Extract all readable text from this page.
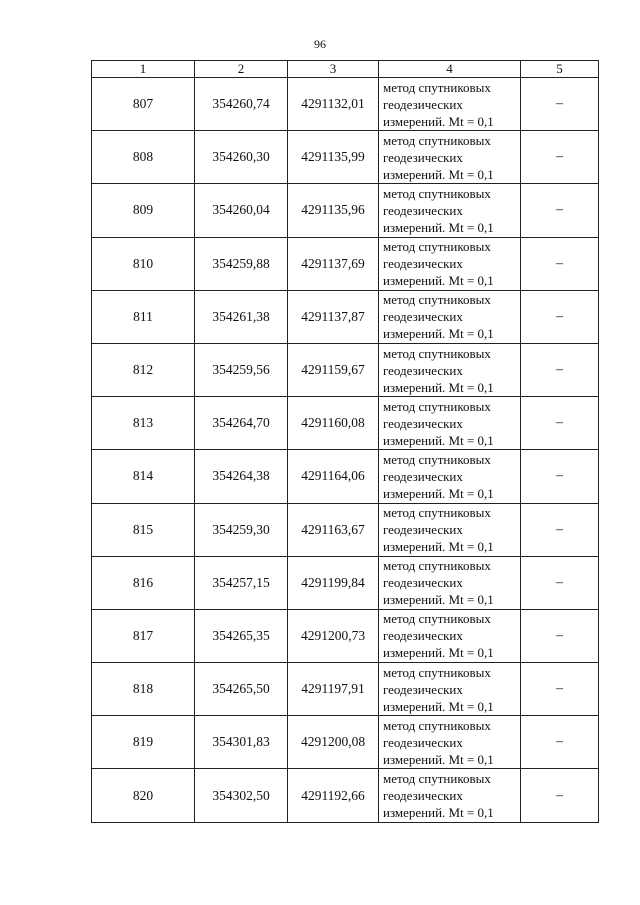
96
1	2	3	4	5
807	354260,74	4291132,01	метод спутниковых
геодезических
измерений. Mt = 0,1	–
808	354260,30	4291135,99	метод спутниковых
геодезических
измерений. Mt = 0,1	–
809	354260,04	4291135,96	метод спутниковых
геодезических
измерений. Mt = 0,1	–
810	354259,88	4291137,69	метод спутниковых
геодезических
измерений. Mt = 0,1	–
811	354261,38	4291137,87	метод спутниковых
геодезических
измерений. Mt = 0,1	–
812	354259,56	4291159,67	метод спутниковых
геодезических
измерений. Mt = 0,1	–
813	354264,70	4291160,08	метод спутниковых
геодезических
измерений. Mt = 0,1	–
814	354264,38	4291164,06	метод спутниковых
геодезических
измерений. Mt = 0,1	–
815	354259,30	4291163,67	метод спутниковых
геодезических
измерений. Mt = 0,1	–
816	354257,15	4291199,84	метод спутниковых
геодезических
измерений. Mt = 0,1	–
817	354265,35	4291200,73	метод спутниковых
геодезических
измерений. Mt = 0,1	–
818	354265,50	4291197,91	метод спутниковых
геодезических
измерений. Mt = 0,1	–
819	354301,83	4291200,08	метод спутниковых
геодезических
измерений. Mt = 0,1	–
820	354302,50	4291192,66	метод спутниковых
геодезических
измерений. Mt = 0,1	–
